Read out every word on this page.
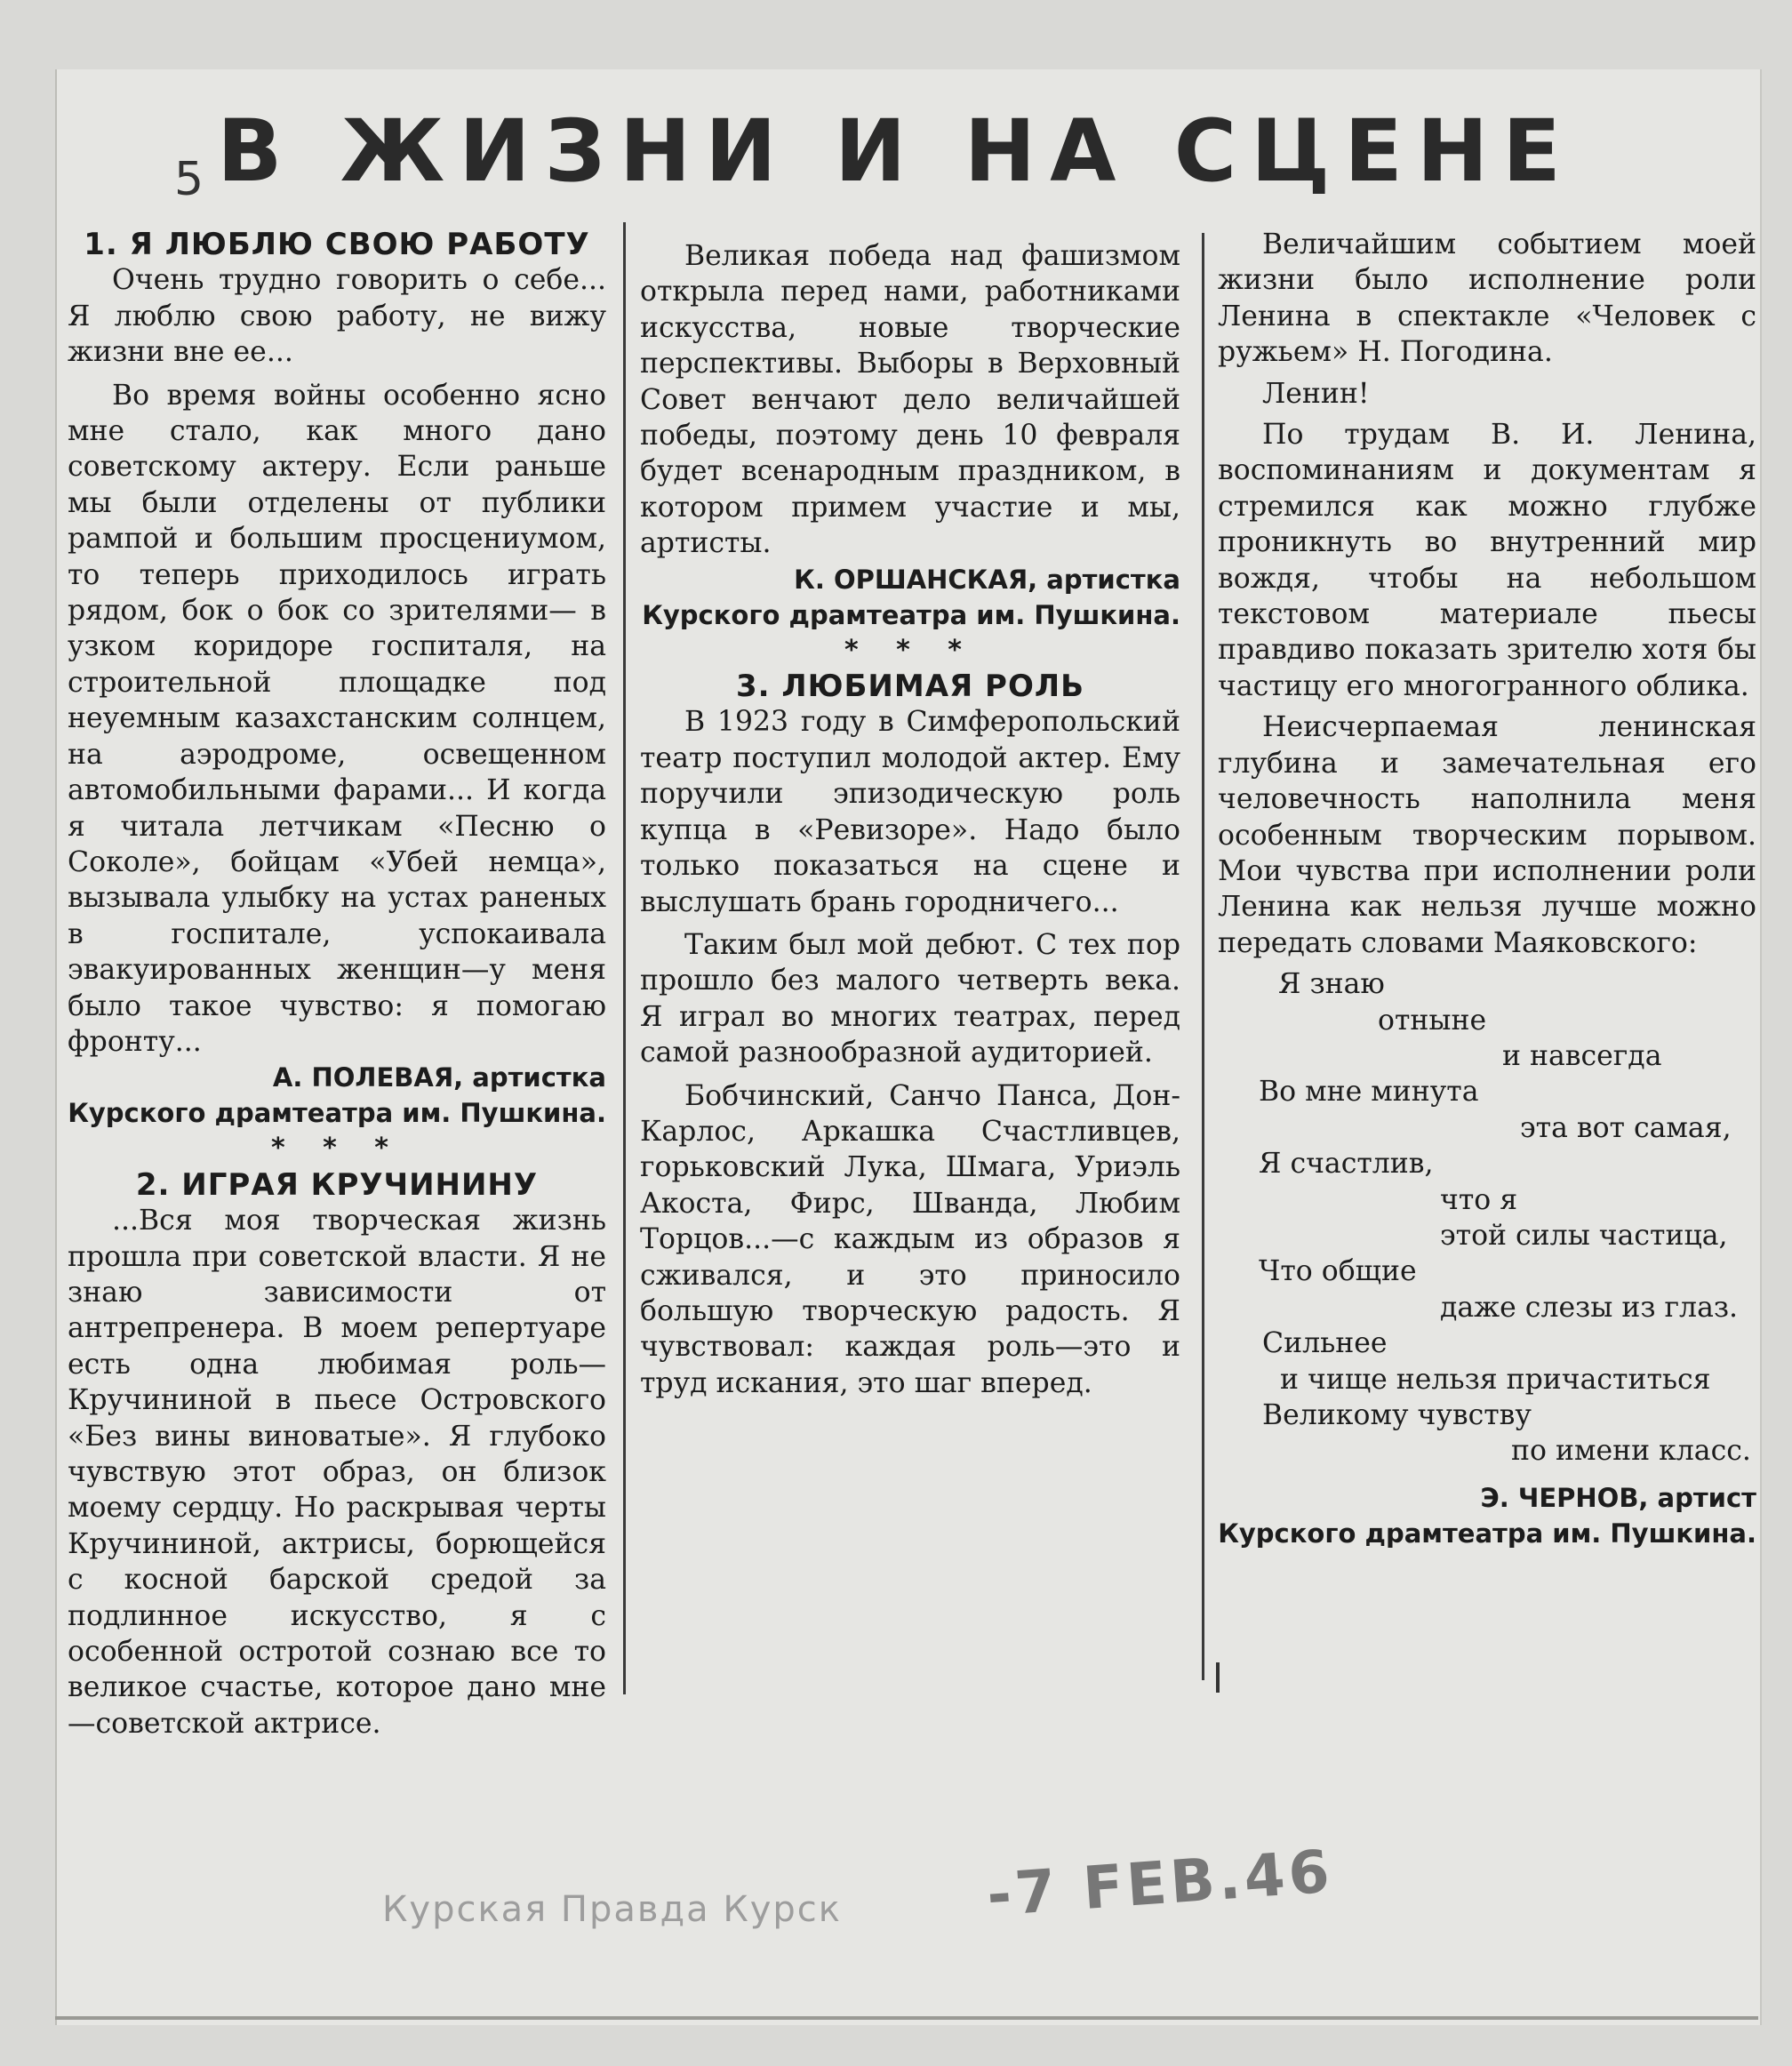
В ЖИЗНИ И НА СЦЕНЕ
5

1. Я ЛЮБЛЮ СВОЮ РАБОТУ

Очень трудно говорить о себе... Я люблю свою работу, не вижу жизни вне ее...

Во время войны особенно ясно мне стало, как много дано советскому актеру. Если раньше мы были отделены от публики рампой и большим просцениумом, то теперь приходилось играть рядом, бок о бок со зрителями— в узком коридоре госпиталя, на строительной площадке под неуемным казахстанским солнцем, на аэродроме, освещенном автомобильными фарами... И когда я читала летчикам «Песню о Соколе», бойцам «Убей немца», вызывала улыбку на устах раненых в госпитале, успокаивала эвакуированных женщин—у меня было такое чувство: я помогаю фронту...

А. ПОЛЕВАЯ, артистка

Курского драмтеатра им. Пушкина.

* * *

2. ИГРАЯ КРУЧИНИНУ

...Вся моя творческая жизнь прошла при советской власти. Я не знаю зависимости от антрепренера. В моем репертуаре есть одна любимая роль—Кручининой в пьесе Островского «Без вины виноватые». Я глубоко чувствую этот образ, он близок моему сердцу. Но раскрывая черты Кручининой, актрисы, борющейся с косной барской средой за подлинное искусство, я с особенной остротой сознаю все то великое счастье, которое дано мне—советской актрисе.

Великая победа над фашизмом открыла перед нами, работниками искусства, новые творческие перспективы. Выборы в Верховный Совет венчают дело величайшей победы, поэтому день 10 февраля будет всенародным праздником, в котором примем участие и мы, артисты.

К. ОРШАНСКАЯ, артистка

Курского драмтеатра им. Пушкина.

* * *

3. ЛЮБИМАЯ РОЛЬ

В 1923 году в Симферопольский театр поступил молодой актер. Ему поручили эпизодическую роль купца в «Ревизоре». Надо было только показаться на сцене и выслушать брань городничего...

Таким был мой дебют. С тех пор прошло без малого четверть века. Я играл во многих театрах, перед самой разнообразной аудиторией.

Бобчинский, Санчо Панса, Дон-Карлос, Аркашка Счастливцев, горьковский Лука, Шмага, Уриэль Акоста, Фирс, Шванда, Любим Торцов...—с каждым из образов я сживался, и это приносило большую творческую радость. Я чувствовал: каждая роль—это и труд искания, это шаг вперед.

Величайшим событием моей жизни было исполнение роли Ленина в спектакле «Человек с ружьем» Н. Погодина.

Ленин!

По трудам В. И. Ленина, воспоминаниям и документам я стремился как можно глубже проникнуть во внутренний мир вождя, чтобы на небольшом текстовом материале пьесы правдиво показать зрителю хотя бы частицу его многогранного облика.

Неисчерпаемая ленинская глубина и замечательная его человечность наполнила меня особенным творческим порывом. Мои чувства при исполнении роли Ленина как нельзя лучше можно передать словами Маяковского:

Я знаю
отныне
и навсегда
Во мне минута
эта вот самая,
Я счастлив,
что я
этой силы частица,
Что общие
даже слезы из глаз.
Сильнее
и чище нельзя причаститься
Великому чувству
по имени класс.

Э. ЧЕРНОВ, артист

Курского драмтеатра им. Пушкина.

Курская Правда Курск -7 FEB.46
